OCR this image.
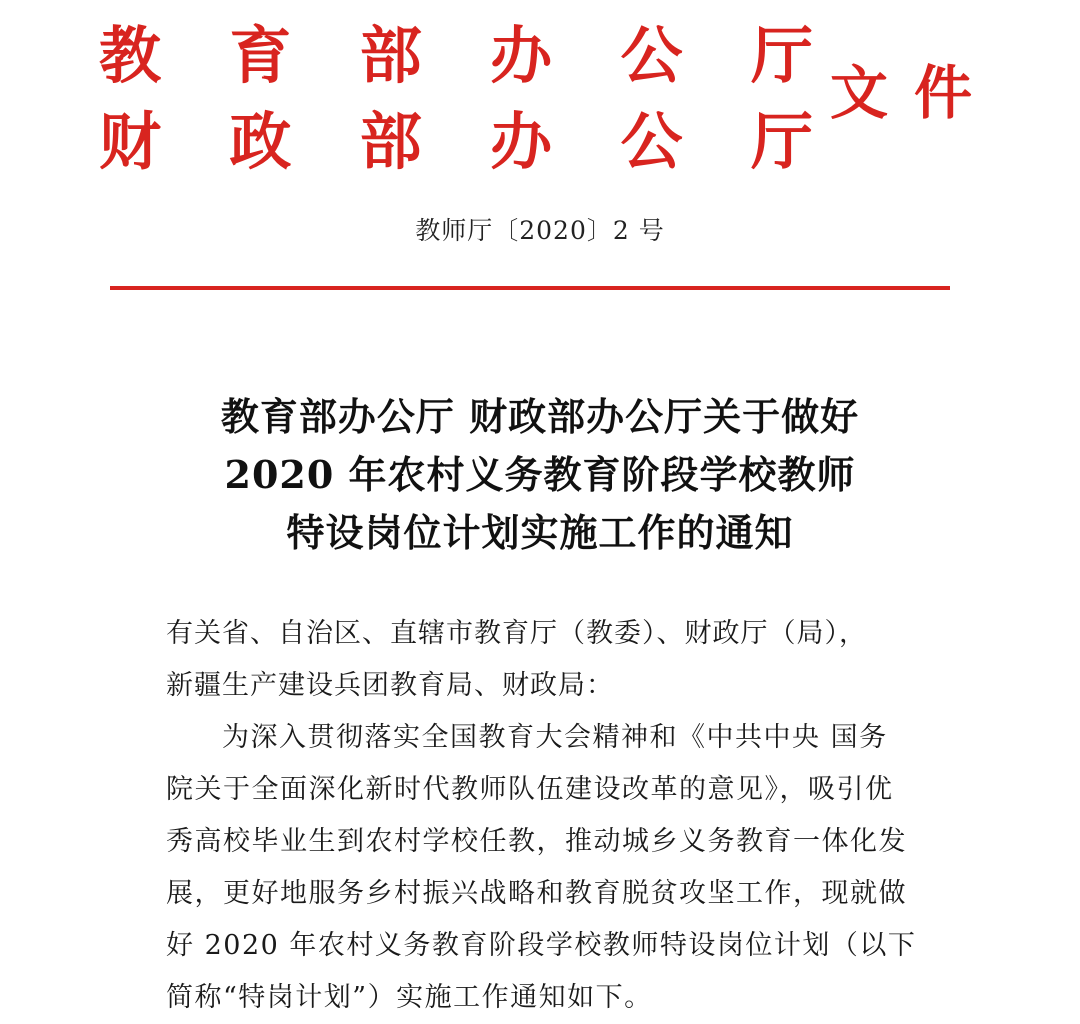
教 育 部 办 公 厅
财 政 部 办 公 厅
文 件
教师厅〔2020〕2 号
教育部办公厅 财政部办公厅关于做好
2020 年农村义务教育阶段学校教师
特设岗位计划实施工作的通知

有关省、自治区、直辖市教育厅（教委）、财政厅（局），

新疆生产建设兵团教育局、财政局：

为深入贯彻落实全国教育大会精神和《中共中央 国务

院关于全面深化新时代教师队伍建设改革的意见》，吸引优

秀高校毕业生到农村学校任教，推动城乡义务教育一体化发

展，更好地服务乡村振兴战略和教育脱贫攻坚工作，现就做

好 2020 年农村义务教育阶段学校教师特设岗位计划（以下

简称“特岗计划”）实施工作通知如下。
